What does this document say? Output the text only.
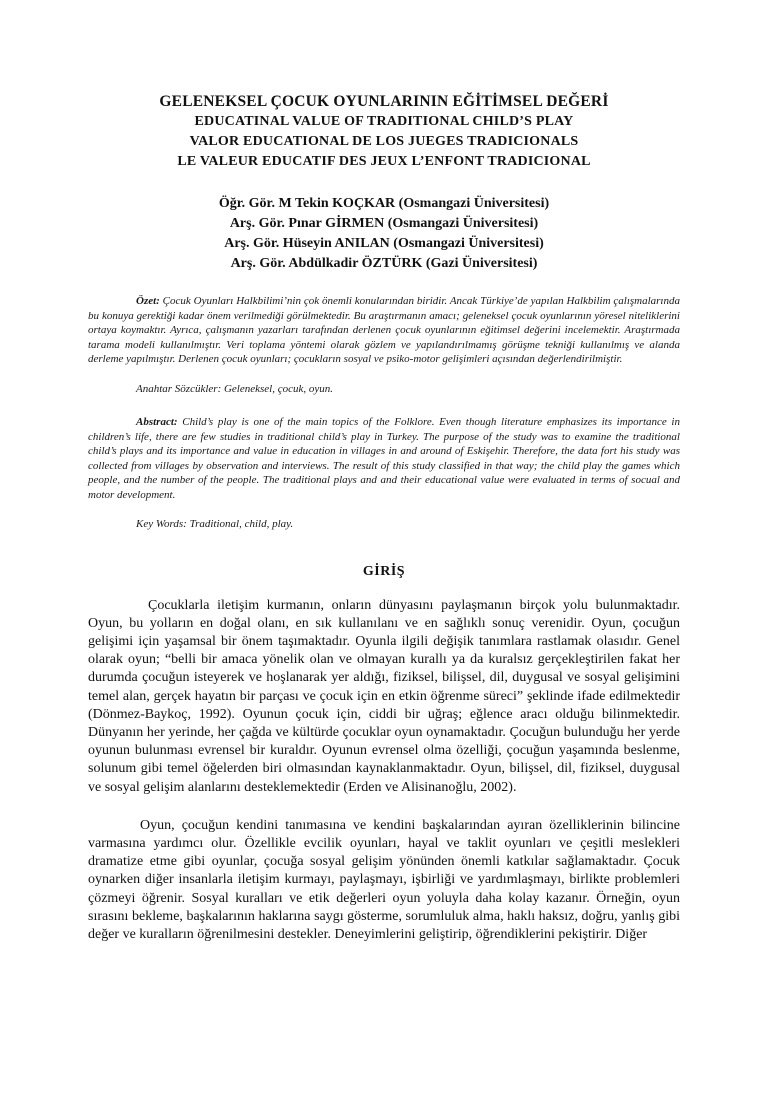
GELENEKSEL ÇOCUK OYUNLARININ EĞİTİMSEL DEĞERİ
EDUCATINAL VALUE OF TRADITIONAL CHILD’S PLAY
VALOR EDUCATIONAL DE LOS JUEGES TRADICIONALS
LE VALEUR EDUCATIF DES JEUX L’ENFONT TRADICIONAL
Öğr. Gör. M Tekin KOÇKAR (Osmangazi Üniversitesi)
Arş. Gör. Pınar GİRMEN (Osmangazi Üniversitesi)
Arş. Gör. Hüseyin ANILAN (Osmangazi Üniversitesi)
Arş. Gör. Abdülkadir ÖZTÜRK (Gazi Üniversitesi)

Özet: Çocuk Oyunları Halkbilimi’nin çok önemli konularından biridir. Ancak Türkiye’de yapılan Halkbilim çalışmalarında bu konuya gerektiği kadar önem verilmediği görülmektedir. Bu araştırmanın amacı; geleneksel çocuk oyunlarının yöresel niteliklerini ortaya koymaktır. Ayrıca, çalışmanın yazarları tarafından derlenen çocuk oyunlarının eğitimsel değerini incelemektir. Araştırmada tarama modeli kullanılmıştır. Veri toplama yöntemi olarak gözlem ve yapılandırılmamış görüşme tekniği kullanılmış ve alanda derleme yapılmıştır. Derlenen çocuk oyunları; çocukların sosyal ve psiko-motor gelişimleri açısından değerlendirilmiştir.

Anahtar Sözcükler: Geleneksel, çocuk, oyun.

Abstract: Child’s play is one of the main topics of the Folklore. Even though literature emphasizes its importance in children’s life, there are few studies in traditional child’s play in Turkey. The purpose of the study was to examine the traditional child’s plays and its importance and value in education in villages in and around of Eskişehir. Therefore, the data fort his study was collected from villages by observation and interviews. The result of this study classified in that way; the child play the games which people, and the number of the people. The traditional plays and and their educational value were evaluated in terms of socual and motor development.

Key Words: Traditional, child, play.

GİRİŞ

Çocuklarla iletişim kurmanın, onların dünyasını paylaşmanın birçok yolu bulunmaktadır. Oyun, bu yolların en doğal olanı, en sık kullanılanı ve en sağlıklı sonuç verenidir. Oyun, çocuğun gelişimi için yaşamsal bir önem taşımaktadır. Oyunla ilgili değişik tanımlara rastlamak olasıdır. Genel olarak oyun; “belli bir amaca yönelik olan ve olmayan kurallı ya da kuralsız gerçekleştirilen fakat her durumda çocuğun isteyerek ve hoşlanarak yer aldığı, fiziksel, bilişsel, dil, duygusal ve sosyal gelişimini temel alan, gerçek hayatın bir parçası ve çocuk için en etkin öğrenme süreci” şeklinde ifade edilmektedir (Dönmez-Baykoç, 1992). Oyunun çocuk için, ciddi bir uğraş; eğlence aracı olduğu bilinmektedir. Dünyanın her yerinde, her çağda ve kültürde çocuklar oyun oynamaktadır. Çocuğun bulunduğu her yerde oyunun bulunması evrensel bir kuraldır. Oyunun evrensel olma özelliği, çocuğun yaşamında beslenme, solunum gibi temel öğelerden biri olmasından kaynaklanmaktadır. Oyun, bilişsel, dil, fiziksel, duygusal ve sosyal gelişim alanlarını desteklemektedir (Erden ve Alisinanoğlu, 2002).

Oyun, çocuğun kendini tanımasına ve kendini başkalarından ayıran özelliklerinin bilincine varmasına yardımcı olur. Özellikle evcilik oyunları, hayal ve taklit oyunları ve çeşitli meslekleri dramatize etme gibi oyunlar, çocuğa sosyal gelişim yönünden önemli katkılar sağlamaktadır. Çocuk oynarken diğer insanlarla iletişim kurmayı, paylaşmayı, işbirliği ve yardımlaşmayı, birlikte problemleri çözmeyi öğrenir. Sosyal kuralları ve etik değerleri oyun yoluyla daha kolay kazanır. Örneğin, oyun sırasını bekleme, başkalarının haklarına saygı gösterme, sorumluluk alma, haklı haksız, doğru, yanlış gibi değer ve kuralların öğrenilmesini destekler. Deneyimlerini geliştirip, öğrendiklerini pekiştirir. Diğer
